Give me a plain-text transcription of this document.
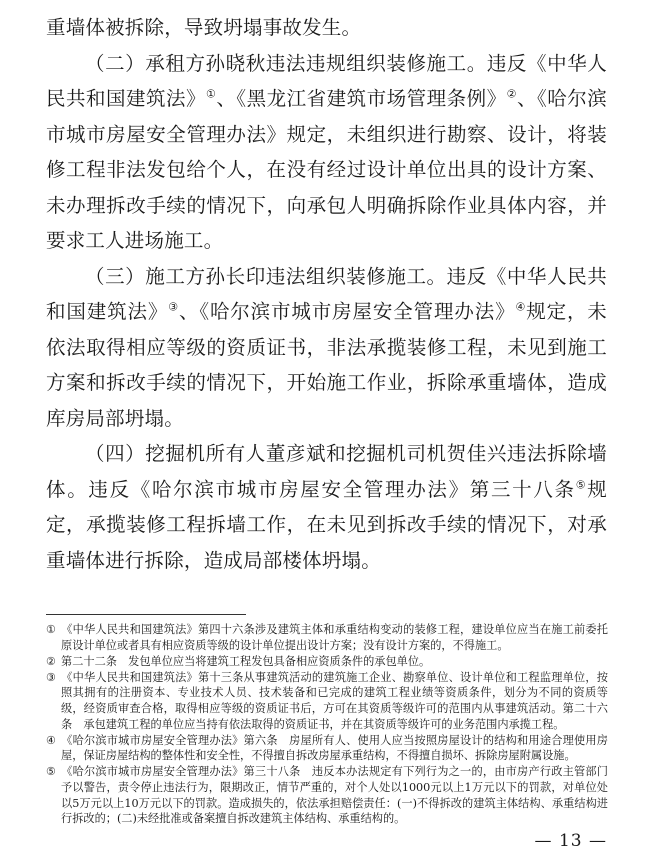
重墙体被拆除，导致坍塌事故发生。

（二）承租方孙晓秋违法违规组织装修施工。违反《中华人民共和国建筑法》①、《黑龙江省建筑市场管理条例》②、《哈尔滨市城市房屋安全管理办法》规定，未组织进行勘察、设计，将装修工程非法发包给个人，在没有经过设计单位出具的设计方案、未办理拆改手续的情况下，向承包人明确拆除作业具体内容，并要求工人进场施工。

（三）施工方孙长印违法组织装修施工。违反《中华人民共和国建筑法》③、《哈尔滨市城市房屋安全管理办法》④规定，未依法取得相应等级的资质证书，非法承揽装修工程，未见到施工方案和拆改手续的情况下，开始施工作业，拆除承重墙体，造成库房局部坍塌。

（四）挖掘机所有人董彦斌和挖掘机司机贺佳兴违法拆除墙体。违反《哈尔滨市城市房屋安全管理办法》第三十八条⑤规定，承揽装修工程拆墙工作，在未见到拆改手续的情况下，对承重墙体进行拆除，造成局部楼体坍塌。

① 《中华人民共和国建筑法》第四十六条涉及建筑主体和承重结构变动的装修工程，建设单位应当在施工前委托原设计单位或者具有相应资质等级的设计单位提出设计方案；没有设计方案的，不得施工。

② 第二十二条　发包单位应当将建筑工程发包具备相应资质条件的承包单位。

③ 《中华人民共和国建筑法》第十三条从事建筑活动的建筑施工企业、勘察单位、设计单位和工程监理单位，按照其拥有的注册资本、专业技术人员、技术装备和已完成的建筑工程业绩等资质条件，划分为不同的资质等级，经资质审查合格，取得相应等级的资质证书后，方可在其资质等级许可的范围内从事建筑活动。第二十六条　承包建筑工程的单位应当持有依法取得的资质证书，并在其资质等级许可的业务范围内承揽工程。

④ 《哈尔滨市城市房屋安全管理办法》第六条　房屋所有人、使用人应当按照房屋设计的结构和用途合理使用房屋，保证房屋结构的整体性和安全性，不得擅自拆改房屋承重结构，不得擅自损坏、拆除房屋附属设施。

⑤ 《哈尔滨市城市房屋安全管理办法》第三十八条　违反本办法规定有下列行为之一的，由市房产行政主管部门予以警告，责令停止违法行为，限期改正，情节严重的，对个人处以1000元以上1万元以下的罚款，对单位处以5万元以上10万元以下的罚款。造成损失的，依法承担赔偿责任：(一)不得拆改的建筑主体结构、承重结构进行拆改的；(二)未经批准或备案擅自拆改建筑主体结构、承重结构的。

— 13 —
